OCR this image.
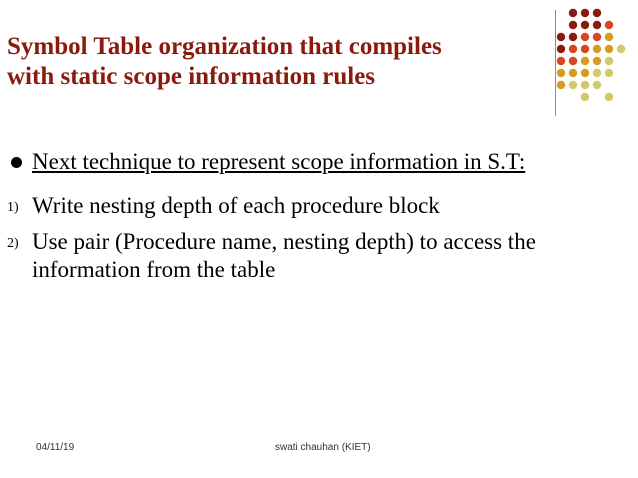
Symbol Table organization that compiles
with static scope information rules
Next technique to represent scope information in S.T:
1) Write nesting depth of each procedure block
2) Use pair (Procedure name, nesting depth) to access the
information from the table
04/11/19	swati chauhan (KIET)
